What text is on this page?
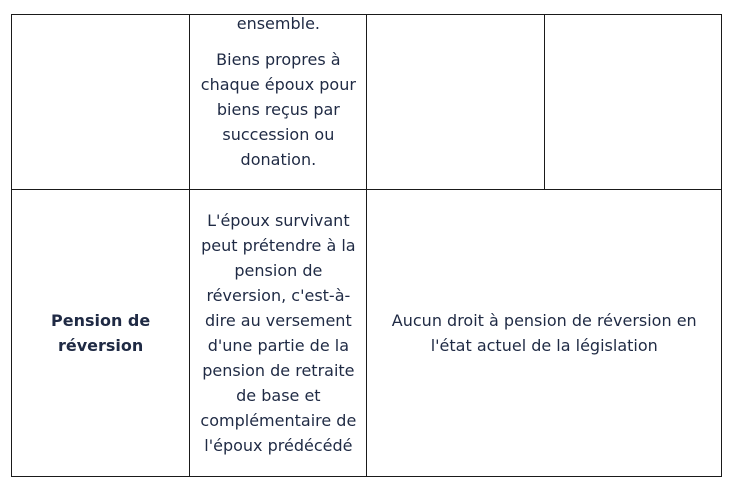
	ensemble.

Biens propres à chaque époux pour biens reçus par succession ou donation.		

Pension de réversion	L'époux survivant peut prétendre à la pension de réversion, c'est-à-dire au versement d'une partie de la pension de retraite de base et complémentaire de l'époux prédécédé	Aucun droit à pension de réversion en l'état actuel de la législation	
